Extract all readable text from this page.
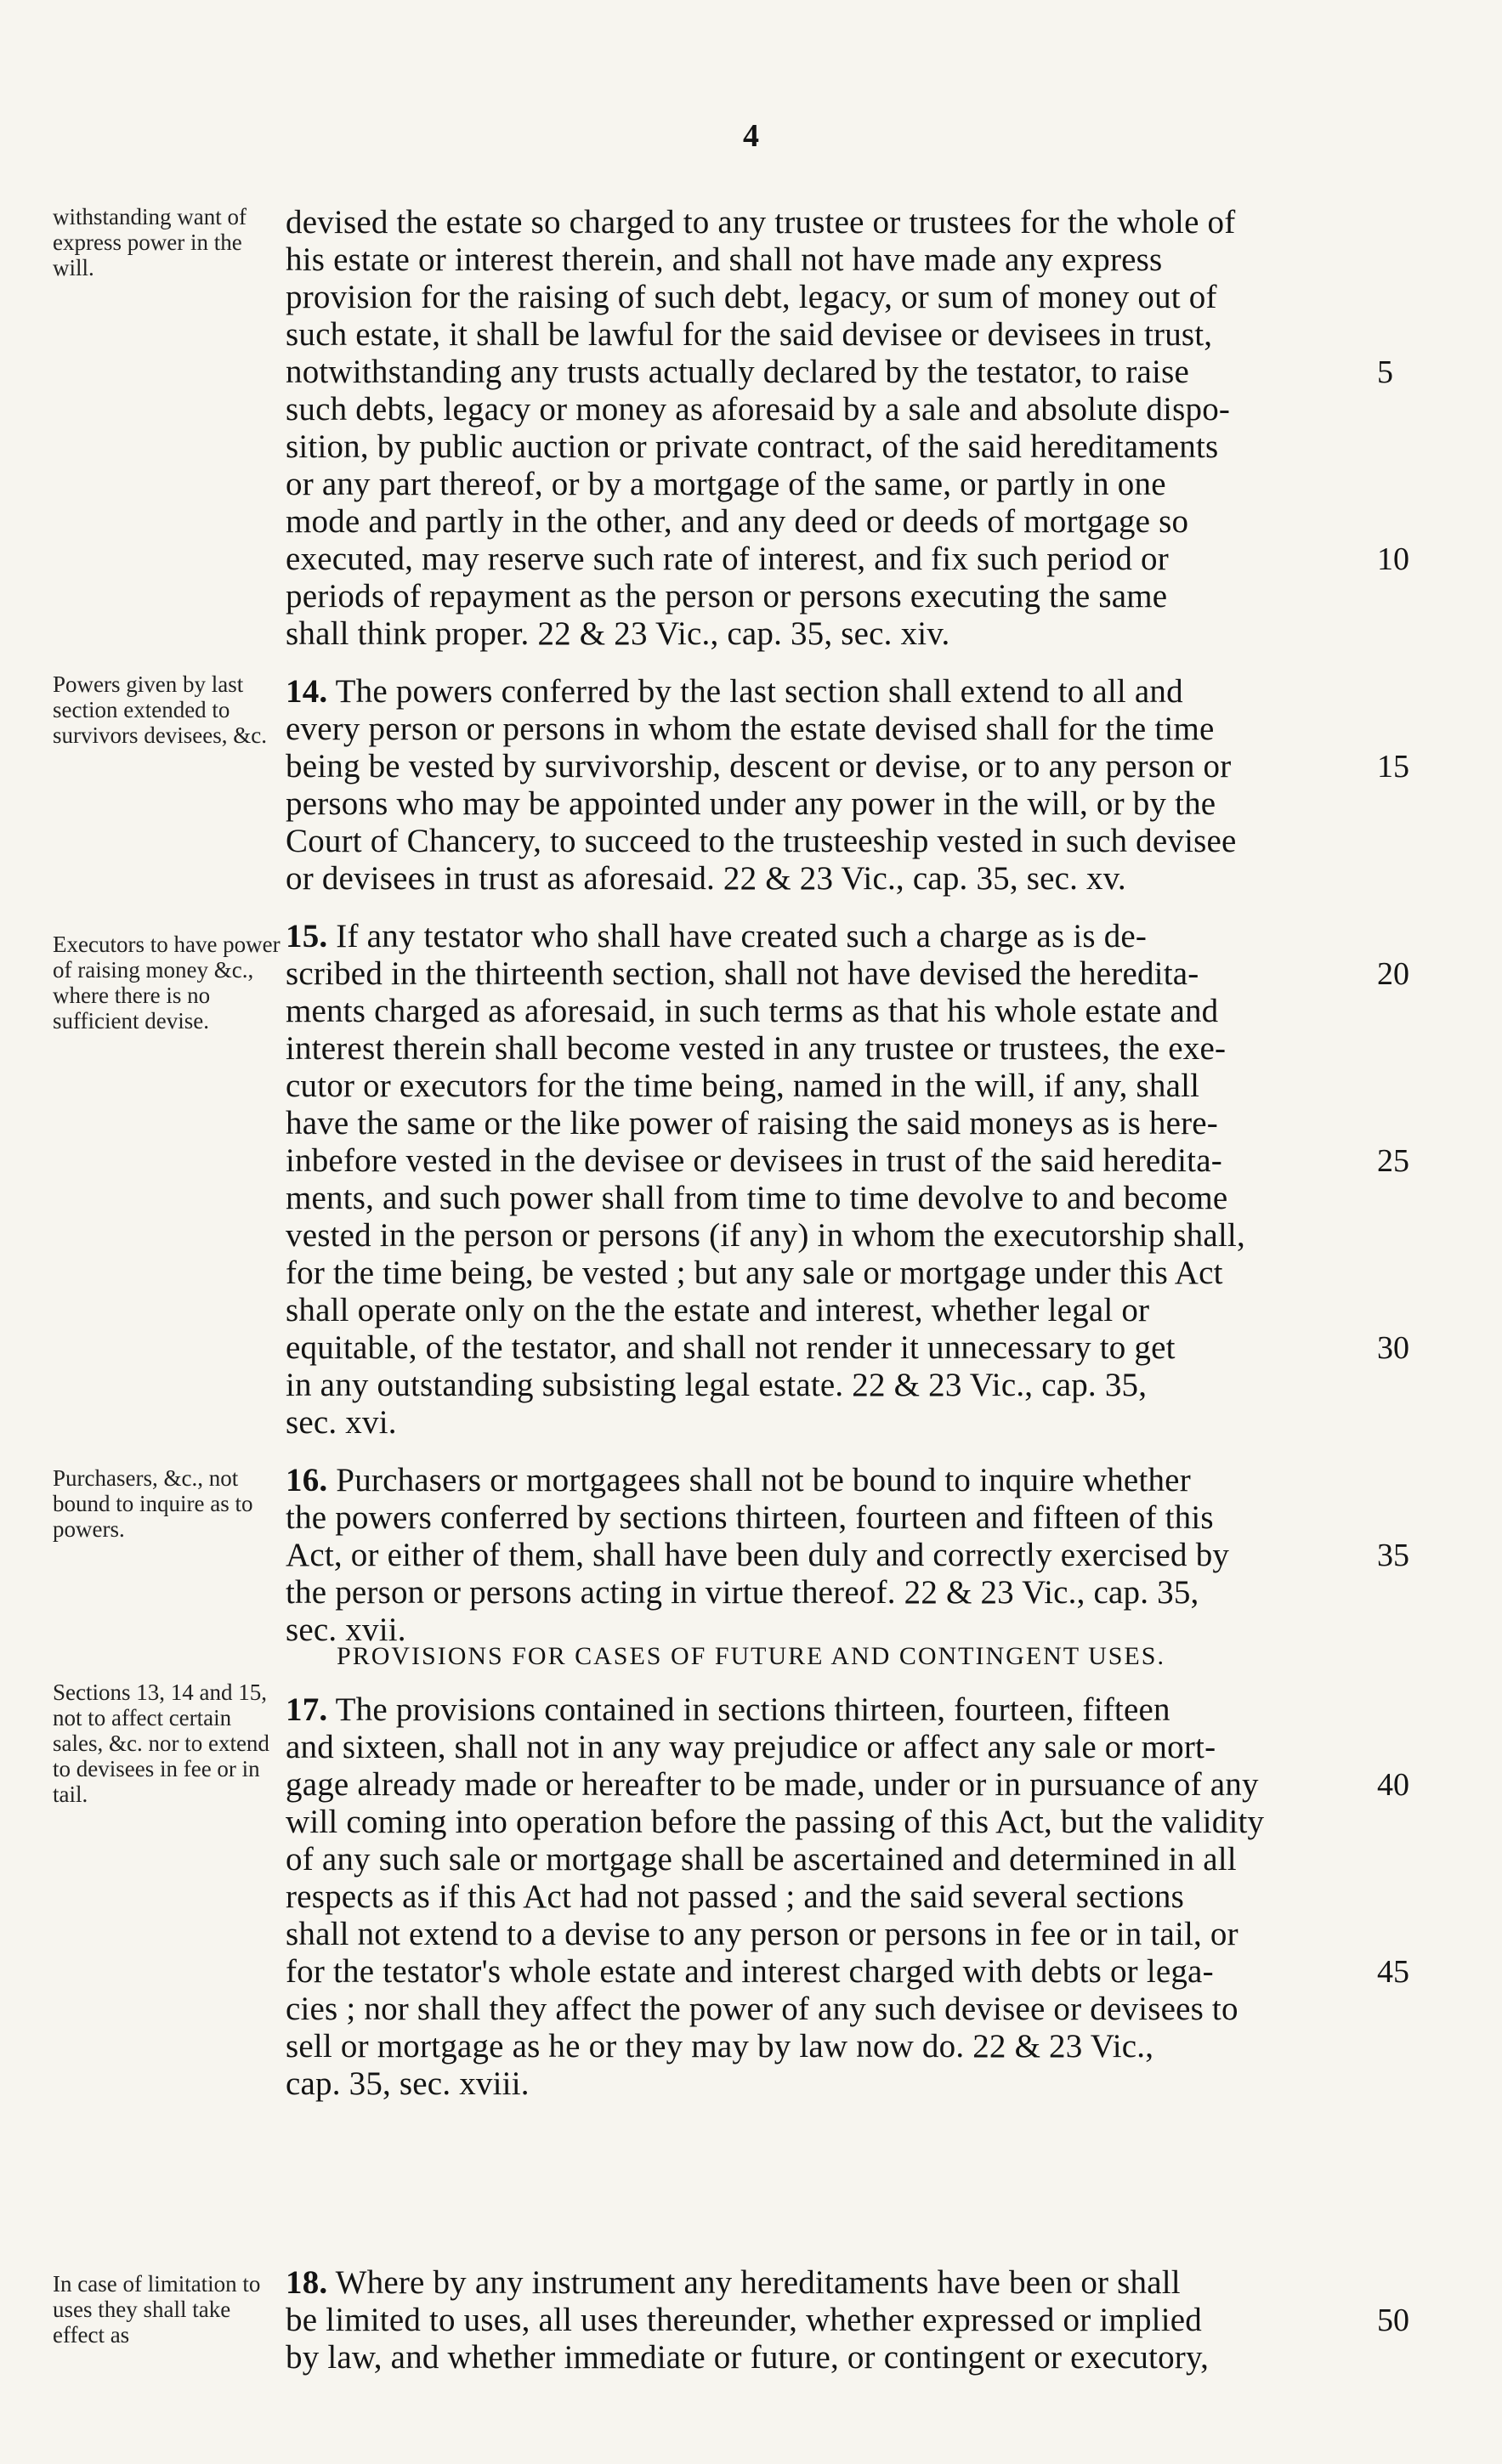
4
withstanding want of express power in the will.
Powers given by last section extended to survivors devisees, &c.
Executors to have power of raising money &c., where there is no sufficient devise.
Purchasers, &c., not bound to inquire as to powers.
Sections 13, 14 and 15, not to affect certain sales, &c. nor to extend to devisees in fee or in tail.
In case of limitation to uses they shall take effect as
devised the estate so charged to any trustee or trustees for the whole of
his estate or interest therein, and shall not have made any express
provision for the raising of such debt, legacy, or sum of money out of
such estate, it shall be lawful for the said devisee or devisees in trust,
notwithstanding any trusts actually declared by the testator, to raise
such debts, legacy or money as aforesaid by a sale and absolute dispo-
sition, by public auction or private contract, of the said hereditaments
or any part thereof, or by a mortgage of the same, or partly in one
mode and partly in the other, and any deed or deeds of mortgage so
executed, may reserve such rate of interest, and fix such period or
periods of repayment as the person or persons executing the same
shall think proper. 22 & 23 Vic., cap. 35, sec. xiv.
14. The powers conferred by the last section shall extend to all and
every person or persons in whom the estate devised shall for the time
being be vested by survivorship, descent or devise, or to any person or
persons who may be appointed under any power in the will, or by the
Court of Chancery, to succeed to the trusteeship vested in such devisee
or devisees in trust as aforesaid. 22 & 23 Vic., cap. 35, sec. xv.
15. If any testator who shall have created such a charge as is de-
scribed in the thirteenth section, shall not have devised the heredita-
ments charged as aforesaid, in such terms as that his whole estate and
interest therein shall become vested in any trustee or trustees, the exe-
cutor or executors for the time being, named in the will, if any, shall
have the same or the like power of raising the said moneys as is here-
inbefore vested in the devisee or devisees in trust of the said heredita-
ments, and such power shall from time to time devolve to and become
vested in the person or persons (if any) in whom the executorship shall,
for the time being, be vested ; but any sale or mortgage under this Act
shall operate only on the the estate and interest, whether legal or
equitable, of the testator, and shall not render it unnecessary to get
in any outstanding subsisting legal estate. 22 & 23 Vic., cap. 35,
sec. xvi.
16. Purchasers or mortgagees shall not be bound to inquire whether
the powers conferred by sections thirteen, fourteen and fifteen of this
Act, or either of them, shall have been duly and correctly exercised by
the person or persons acting in virtue thereof. 22 & 23 Vic., cap. 35,
sec. xvii.
17. The provisions contained in sections thirteen, fourteen, fifteen
and sixteen, shall not in any way prejudice or affect any sale or mort-
gage already made or hereafter to be made, under or in pursuance of any
will coming into operation before the passing of this Act, but the validity
of any such sale or mortgage shall be ascertained and determined in all
respects as if this Act had not passed ; and the said several sections
shall not extend to a devise to any person or persons in fee or in tail, or
for the testator's whole estate and interest charged with debts or lega-
cies ; nor shall they affect the power of any such devisee or devisees to
sell or mortgage as he or they may by law now do. 22 & 23 Vic.,
cap. 35, sec. xviii.
18. Where by any instrument any hereditaments have been or shall
be limited to uses, all uses thereunder, whether expressed or implied
by law, and whether immediate or future, or contingent or executory,
PROVISIONS FOR CASES OF FUTURE AND CONTINGENT USES.
5
10
15
20
25
30
35
40
45
50
